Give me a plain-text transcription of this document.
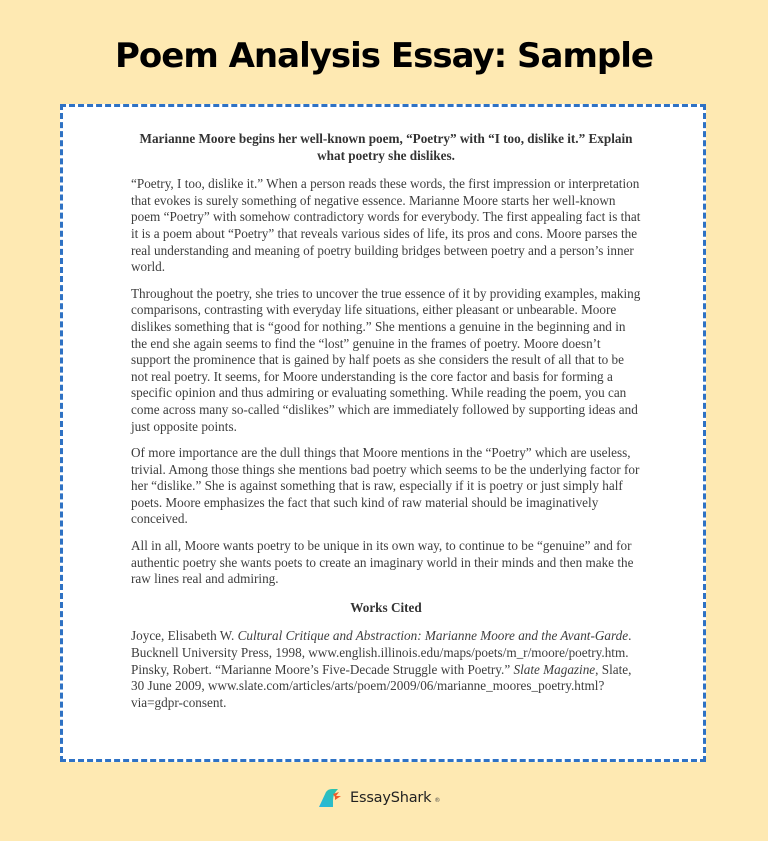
Poem Analysis Essay: Sample

Marianne Moore begins her well-known poem, “Poetry” with “I too, dislike it.” Explain what poetry she dislikes.

“Poetry, I too, dislike it.” When a person reads these words, the first impression or interpretation that evokes is surely something of negative essence. Marianne Moore starts her well-known poem “Poetry” with somehow contradictory words for everybody. The first appealing fact is that it is a poem about “Poetry” that reveals various sides of life, its pros and cons. Moore parses the real understanding and meaning of poetry building bridges between poetry and a person’s inner world.

Throughout the poetry, she tries to uncover the true essence of it by providing examples, making comparisons, contrasting with everyday life situations, either pleasant or unbearable. Moore dislikes something that is “good for nothing.” She mentions a genuine in the beginning and in the end she again seems to find the “lost” genuine in the frames of poetry. Moore doesn’t support the prominence that is gained by half poets as she considers the result of all that to be not real poetry. It seems, for Moore understanding is the core factor and basis for forming a specific opinion and thus admiring or evaluating something. While reading the poem, you can come across many so-called “dislikes” which are immediately followed by supporting ideas and just opposite points.

Of more importance are the dull things that Moore mentions in the “Poetry” which are useless, trivial. Among those things she mentions bad poetry which seems to be the underlying factor for her “dislike.” She is against something that is raw, especially if it is poetry or just simply half poets. Moore emphasizes the fact that such kind of raw material should be imaginatively conceived.

All in all, Moore wants poetry to be unique in its own way, to continue to be “genuine” and for authentic poetry she wants poets to create an imaginary world in their minds and then make the raw lines real and admiring.

Works Cited

Joyce, Elisabeth W. Cultural Critique and Abstraction: Marianne Moore and the Avant-Garde. Bucknell University Press, 1998, www.english.illinois.edu/maps/poets/m_r/moore/poetry.htm.

Pinsky, Robert. “Marianne Moore’s Five-Decade Struggle with Poetry.” Slate Magazine, Slate, 30 June 2009, www.slate.com/articles/arts/poem/2009/06/marianne_moores_poetry.html?via=gdpr-consent.

EssayShark ®
